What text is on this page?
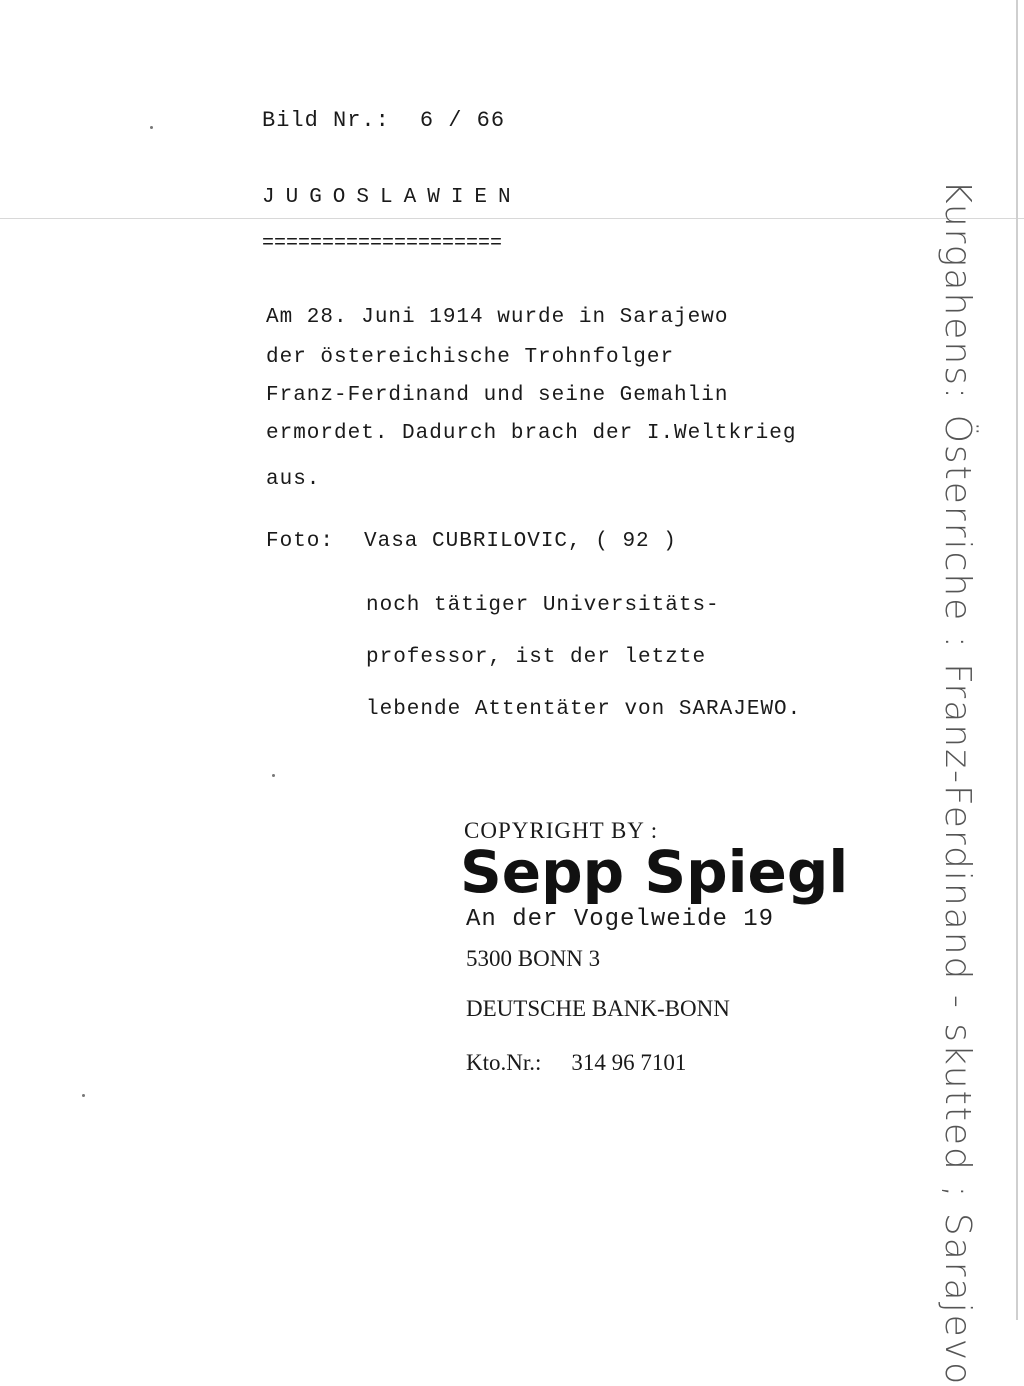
Bild Nr.: 6 / 66
JUGOSLAWIEN
====================
Am 28. Juni 1914 wurde in Sarajewo
der östereichische Trohnfolger
Franz-Ferdinand und seine Gemahlin
ermordet. Dadurch brach der I.Weltkrieg
aus.
Foto: Vasa CUBRILOVIC, ( 92 )
noch tätiger Universitäts-
professor, ist der letzte
lebende Attentäter von SARAJEWO.
COPYRIGHT BY :
Sepp Spiegl
An der Vogelweide 19
5300 BONN 3
DEUTSCHE BANK-BONN
Kto.Nr.: 314 96 7101	Kurgahens: Österriche : Franz-Ferdinand - skutted ; Sarajevo
